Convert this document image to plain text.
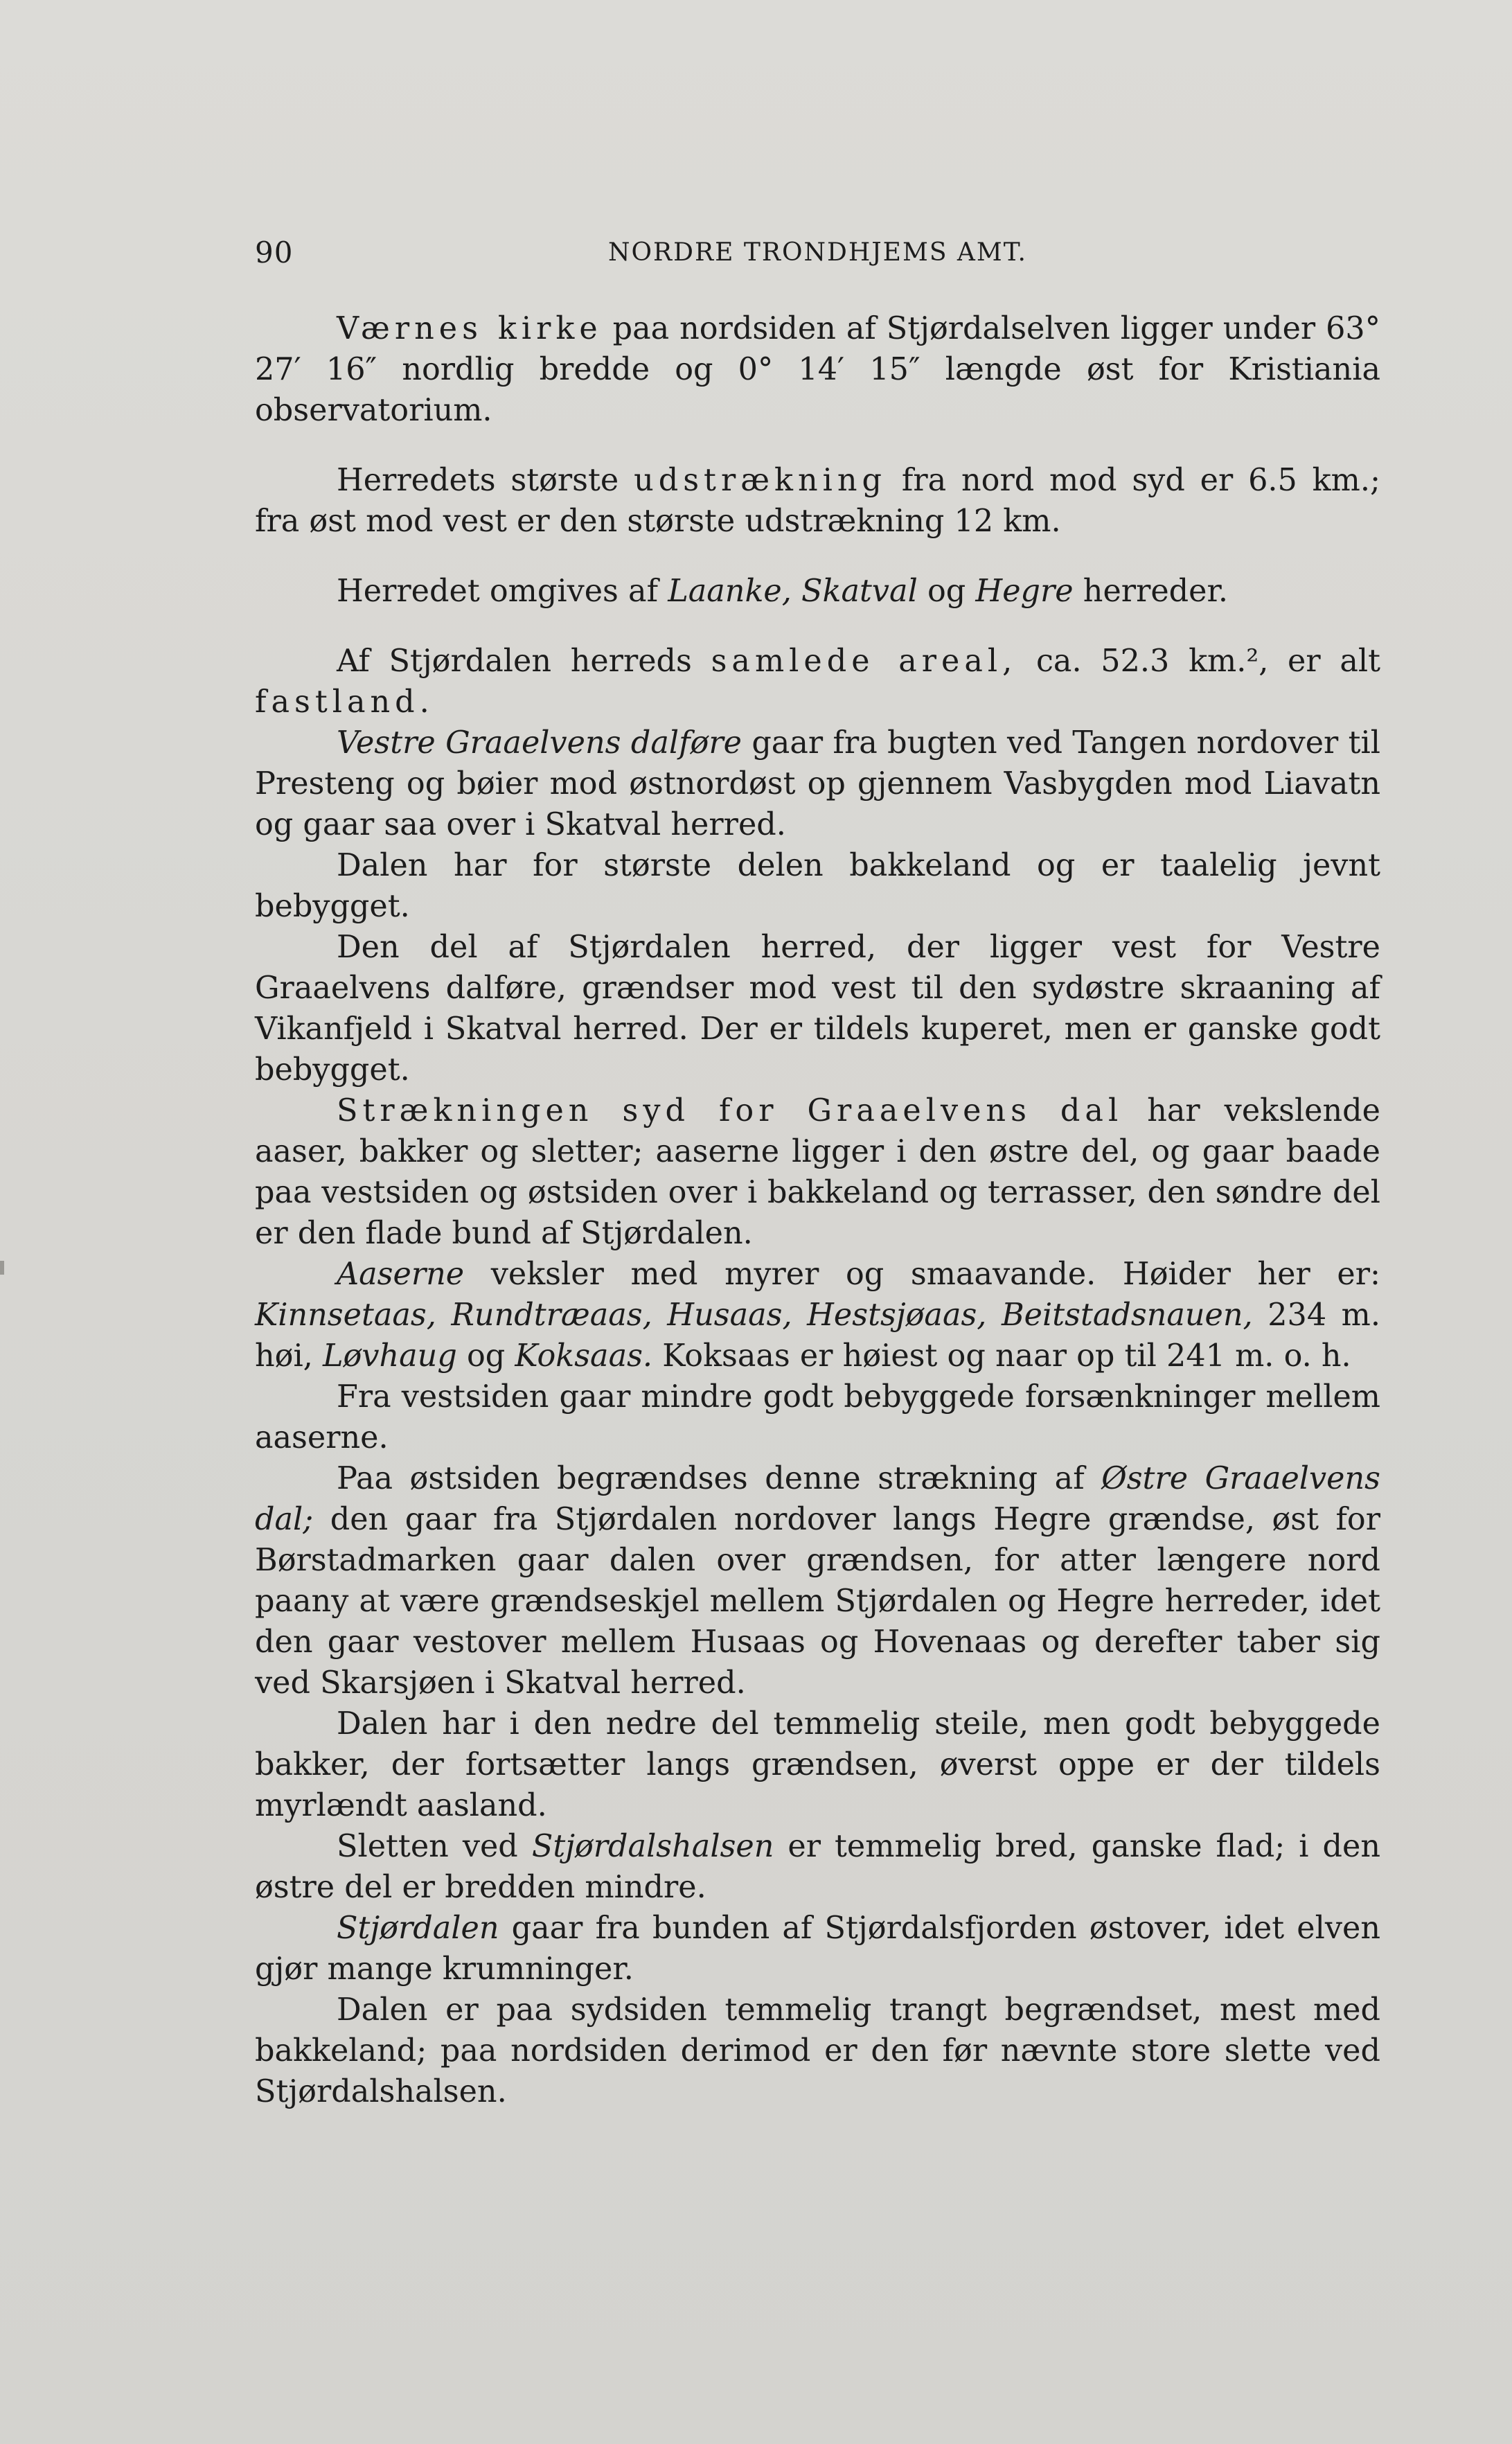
90	NORDRE TRONDHJEMS AMT.

Værnes kirke paa nordsiden af Stjørdalselven ligger under 63° 27′ 16″ nordlig bredde og 0° 14′ 15″ længde øst for Kristiania observatorium.

Herredets største udstrækning fra nord mod syd er 6.5 km.; fra øst mod vest er den største udstrækning 12 km.

Herredet omgives af Laanke, Skatval og Hegre herreder.

Af Stjørdalen herreds samlede areal, ca. 52.3 km.², er alt fastland.

Vestre Graaelvens dalføre gaar fra bugten ved Tangen nordover til Presteng og bøier mod østnordøst op gjennem Vasbygden mod Liavatn og gaar saa over i Skatval herred.

Dalen har for største delen bakkeland og er taalelig jevnt bebygget.

Den del af Stjørdalen herred, der ligger vest for Vestre Graaelvens dalføre, grændser mod vest til den sydøstre skraaning af Vikanfjeld i Skatval herred. Der er tildels kuperet, men er ganske godt bebygget.

Strækningen syd for Graaelvens dal har vekslende aaser, bakker og sletter; aaserne ligger i den østre del, og gaar baade paa vestsiden og østsiden over i bakkeland og terrasser, den søndre del er den flade bund af Stjørdalen.

Aaserne veksler med myrer og smaavande. Høider her er: Kinnsetaas, Rundtræaas, Husaas, Hestsjøaas, Beitstadsnauen, 234 m. høi, Løvhaug og Koksaas. Koksaas er høiest og naar op til 241 m. o. h.

Fra vestsiden gaar mindre godt bebyggede forsænkninger mellem aaserne.

Paa østsiden begrændses denne strækning af Østre Graaelvens dal; den gaar fra Stjørdalen nordover langs Hegre grændse, øst for Børstadmarken gaar dalen over grændsen, for atter længere nord paany at være grændseskjel mellem Stjørdalen og Hegre herreder, idet den gaar vestover mellem Husaas og Hovenaas og derefter taber sig ved Skarsjøen i Skatval herred.

Dalen har i den nedre del temmelig steile, men godt bebyggede bakker, der fortsætter langs grændsen, øverst oppe er der tildels myrlændt aasland.

Sletten ved Stjørdalshalsen er temmelig bred, ganske flad; i den østre del er bredden mindre.

Stjørdalen gaar fra bunden af Stjørdalsfjorden østover, idet elven gjør mange krumninger.

Dalen er paa sydsiden temmelig trangt begrændset, mest med bakkeland; paa nordsiden derimod er den før nævnte store slette ved Stjørdalshalsen.
